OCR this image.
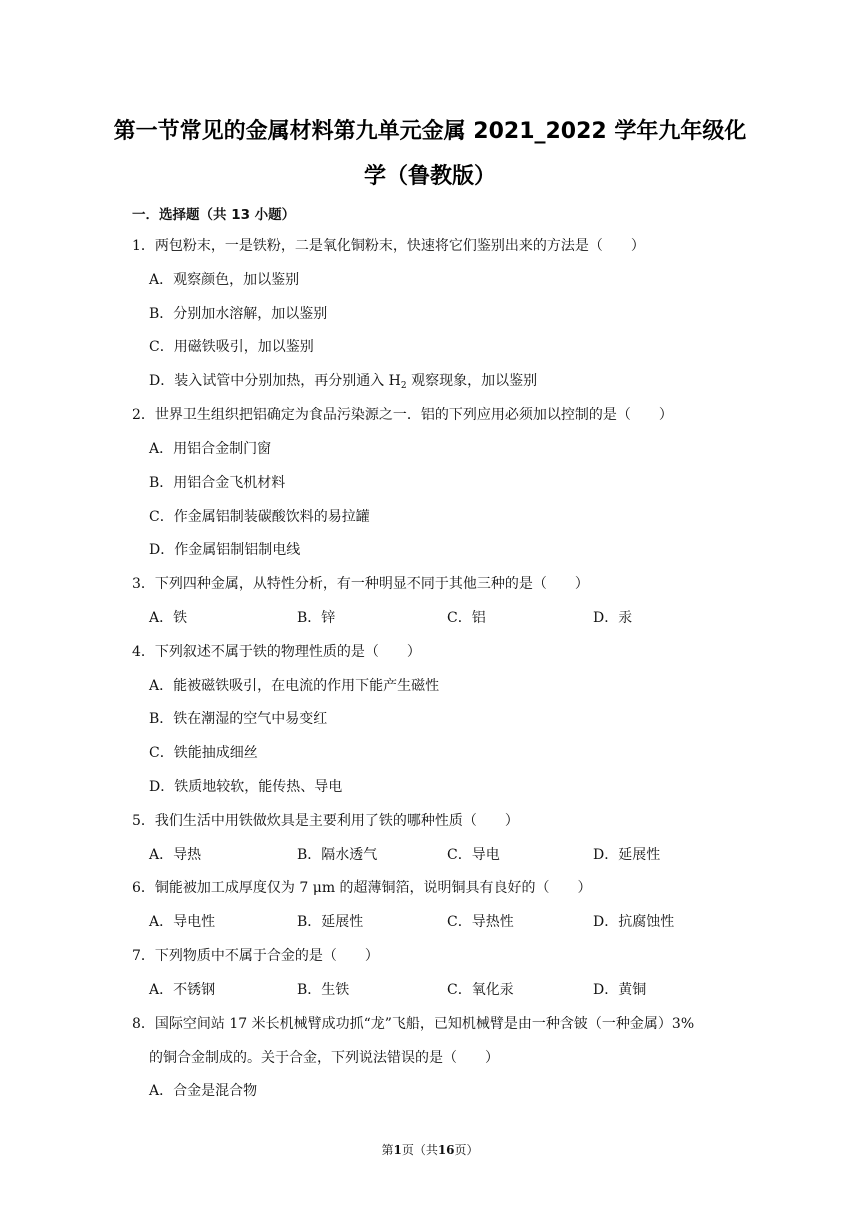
第一节常见的金属材料第九单元金属 2021_2022 学年九年级化
学（鲁教版）
一．选择题（共 13 小题）
1．两包粉末，一是铁粉，二是氧化铜粉末，快速将它们鉴别出来的方法是（　　）
A．观察颜色，加以鉴别
B．分别加水溶解，加以鉴别
C．用磁铁吸引，加以鉴别
D．装入试管中分别加热，再分别通入 $H_2$ 观察现象，加以鉴别
2．世界卫生组织把铝确定为食品污染源之一．铝的下列应用必须加以控制的是（　　）
A．用铝合金制门窗
B．用铝合金飞机材料
C．作金属铝制装碳酸饮料的易拉罐
D．作金属铝制铝制电线
3．下列四种金属，从特性分析，有一种明显不同于其他三种的是（　　）
A．铁	B．锌	C．铝	D．汞
4．下列叙述不属于铁的物理性质的是（　　）
A．能被磁铁吸引，在电流的作用下能产生磁性
B．铁在潮湿的空气中易变红
C．铁能抽成细丝
D．铁质地较软，能传热、导电
5．我们生活中用铁做炊具是主要利用了铁的哪种性质（　　）
A．导热	B．隔水透气	C．导电	D．延展性
6．铜能被加工成厚度仅为 7 μm 的超薄铜箔，说明铜具有良好的（　　）
A．导电性	B．延展性	C．导热性	D．抗腐蚀性
7．下列物质中不属于合金的是（　　）
A．不锈钢	B．生铁	C．氧化汞	D．黄铜
8．国际空间站 17 米长机械臂成功抓“龙”飞船，已知机械臂是由一种含铍（一种金属）3%
的铜合金制成的。关于合金，下列说法错误的是（　　）
A．合金是混合物
第1页（共16页）
